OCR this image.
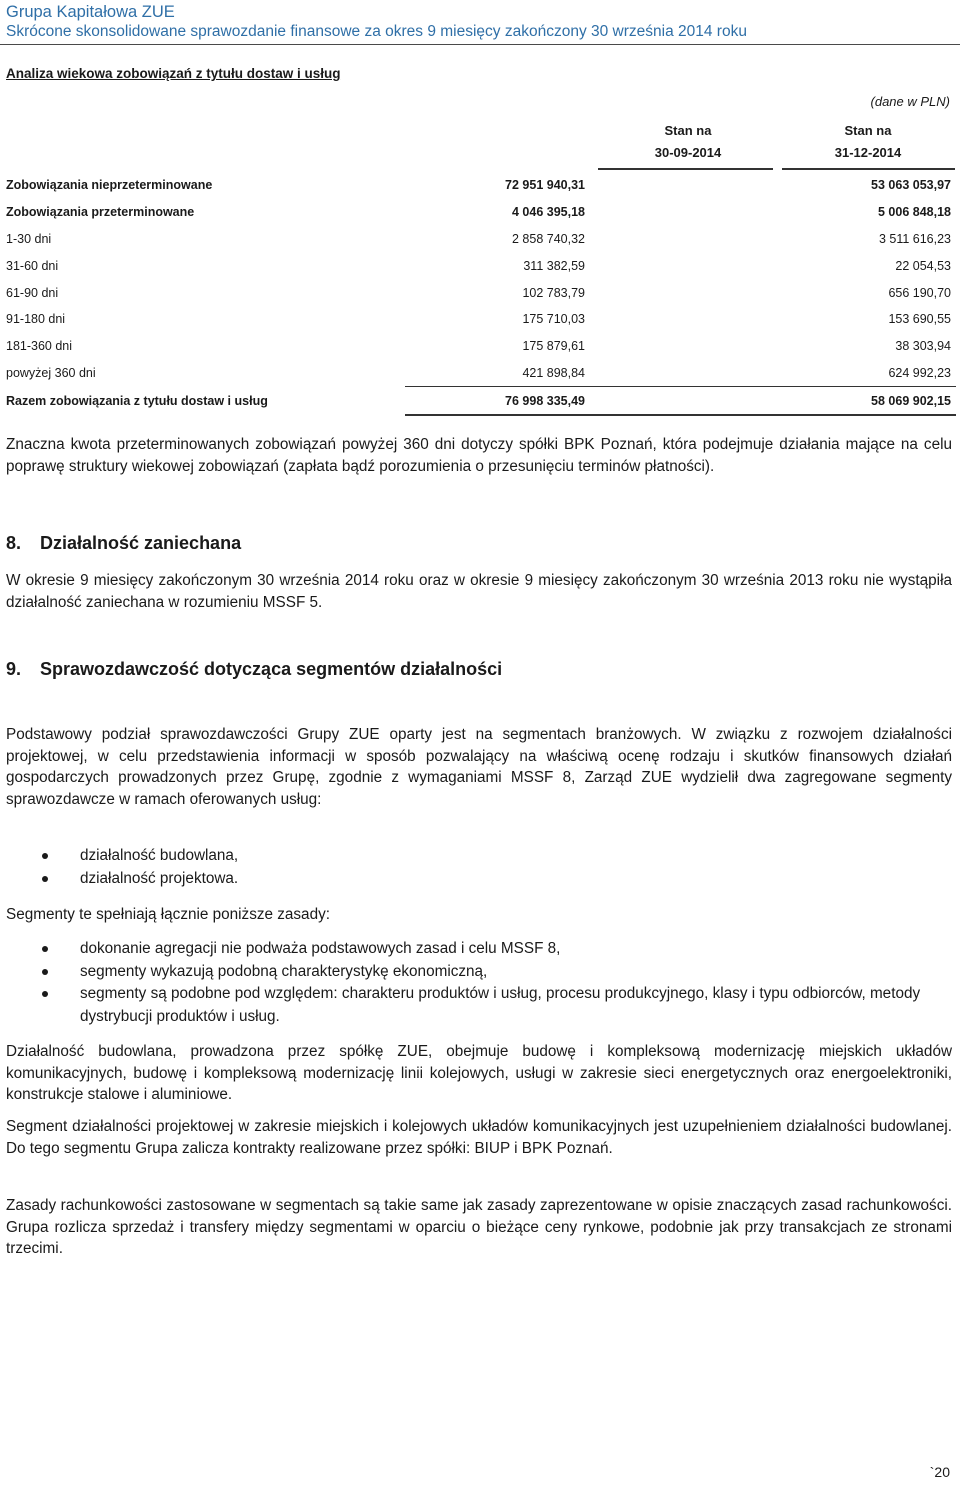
Grupa Kapitałowa ZUE
Skrócone skonsolidowane sprawozdanie finansowe za okres 9 miesięcy zakończony 30 września 2014 roku
Analiza wiekowa zobowiązań z tytułu dostaw i usług
(dane w PLN)
Stan na
30-09-2014
Stan na
31-12-2014
Zobowiązania nieprzeterminowane	72 951 940,31	53 063 053,97
Zobowiązania przeterminowane	4 046 395,18	5 006 848,18
1-30 dni	2 858 740,32	3 511 616,23
31-60 dni	311 382,59	22 054,53
61-90 dni	102 783,79	656 190,70
91-180 dni	175 710,03	153 690,55
181-360 dni	175 879,61	38 303,94
powyżej 360 dni	421 898,84	624 992,23
Razem zobowiązania z tytułu dostaw i usług	76 998 335,49	58 069 902,15
Znaczna kwota przeterminowanych zobowiązań powyżej 360 dni dotyczy spółki BPK Poznań, która podejmuje działania mające na celu poprawę struktury wiekowej zobowiązań (zapłata bądź porozumienia o przesunięciu terminów płatności).
8. Działalność zaniechana
W okresie 9 miesięcy zakończonym 30 września 2014 roku oraz w okresie 9 miesięcy zakończonym 30 września 2013 roku nie wystąpiła działalność zaniechana w rozumieniu MSSF 5.
9. Sprawozdawczość dotycząca segmentów działalności
Podstawowy podział sprawozdawczości Grupy ZUE oparty jest na segmentach branżowych. W związku z rozwojem działalności projektowej, w celu przedstawienia informacji w sposób pozwalający na właściwą ocenę rodzaju i skutków finansowych działań gospodarczych prowadzonych przez Grupę, zgodnie z wymaganiami MSSF 8, Zarząd ZUE wydzielił dwa zagregowane segmenty sprawozdawcze w ramach oferowanych usług:
działalność budowlana,
działalność projektowa.
Segmenty te spełniają łącznie poniższe zasady:
dokonanie agregacji nie podważa podstawowych zasad i celu MSSF 8,
segmenty wykazują podobną charakterystykę ekonomiczną,
segmenty są podobne pod względem: charakteru produktów i usług, procesu produkcyjnego, klasy i typu odbiorców, metody dystrybucji produktów i usług.
Działalność budowlana, prowadzona przez spółkę ZUE, obejmuje budowę i kompleksową modernizację miejskich układów komunikacyjnych, budowę i kompleksową modernizację linii kolejowych, usługi w zakresie sieci energetycznych oraz energoelektroniki, konstrukcje stalowe i aluminiowe.
Segment działalności projektowej w zakresie miejskich i kolejowych układów komunikacyjnych jest uzupełnieniem działalności budowlanej. Do tego segmentu Grupa zalicza kontrakty realizowane przez spółki: BIUP i BPK Poznań.
Zasady rachunkowości zastosowane w segmentach są takie same jak zasady zaprezentowane w opisie znaczących zasad rachunkowości. Grupa rozlicza sprzedaż i transfery między segmentami w oparciu o bieżące ceny rynkowe, podobnie jak przy transakcjach ze stronami trzecimi.
`20
